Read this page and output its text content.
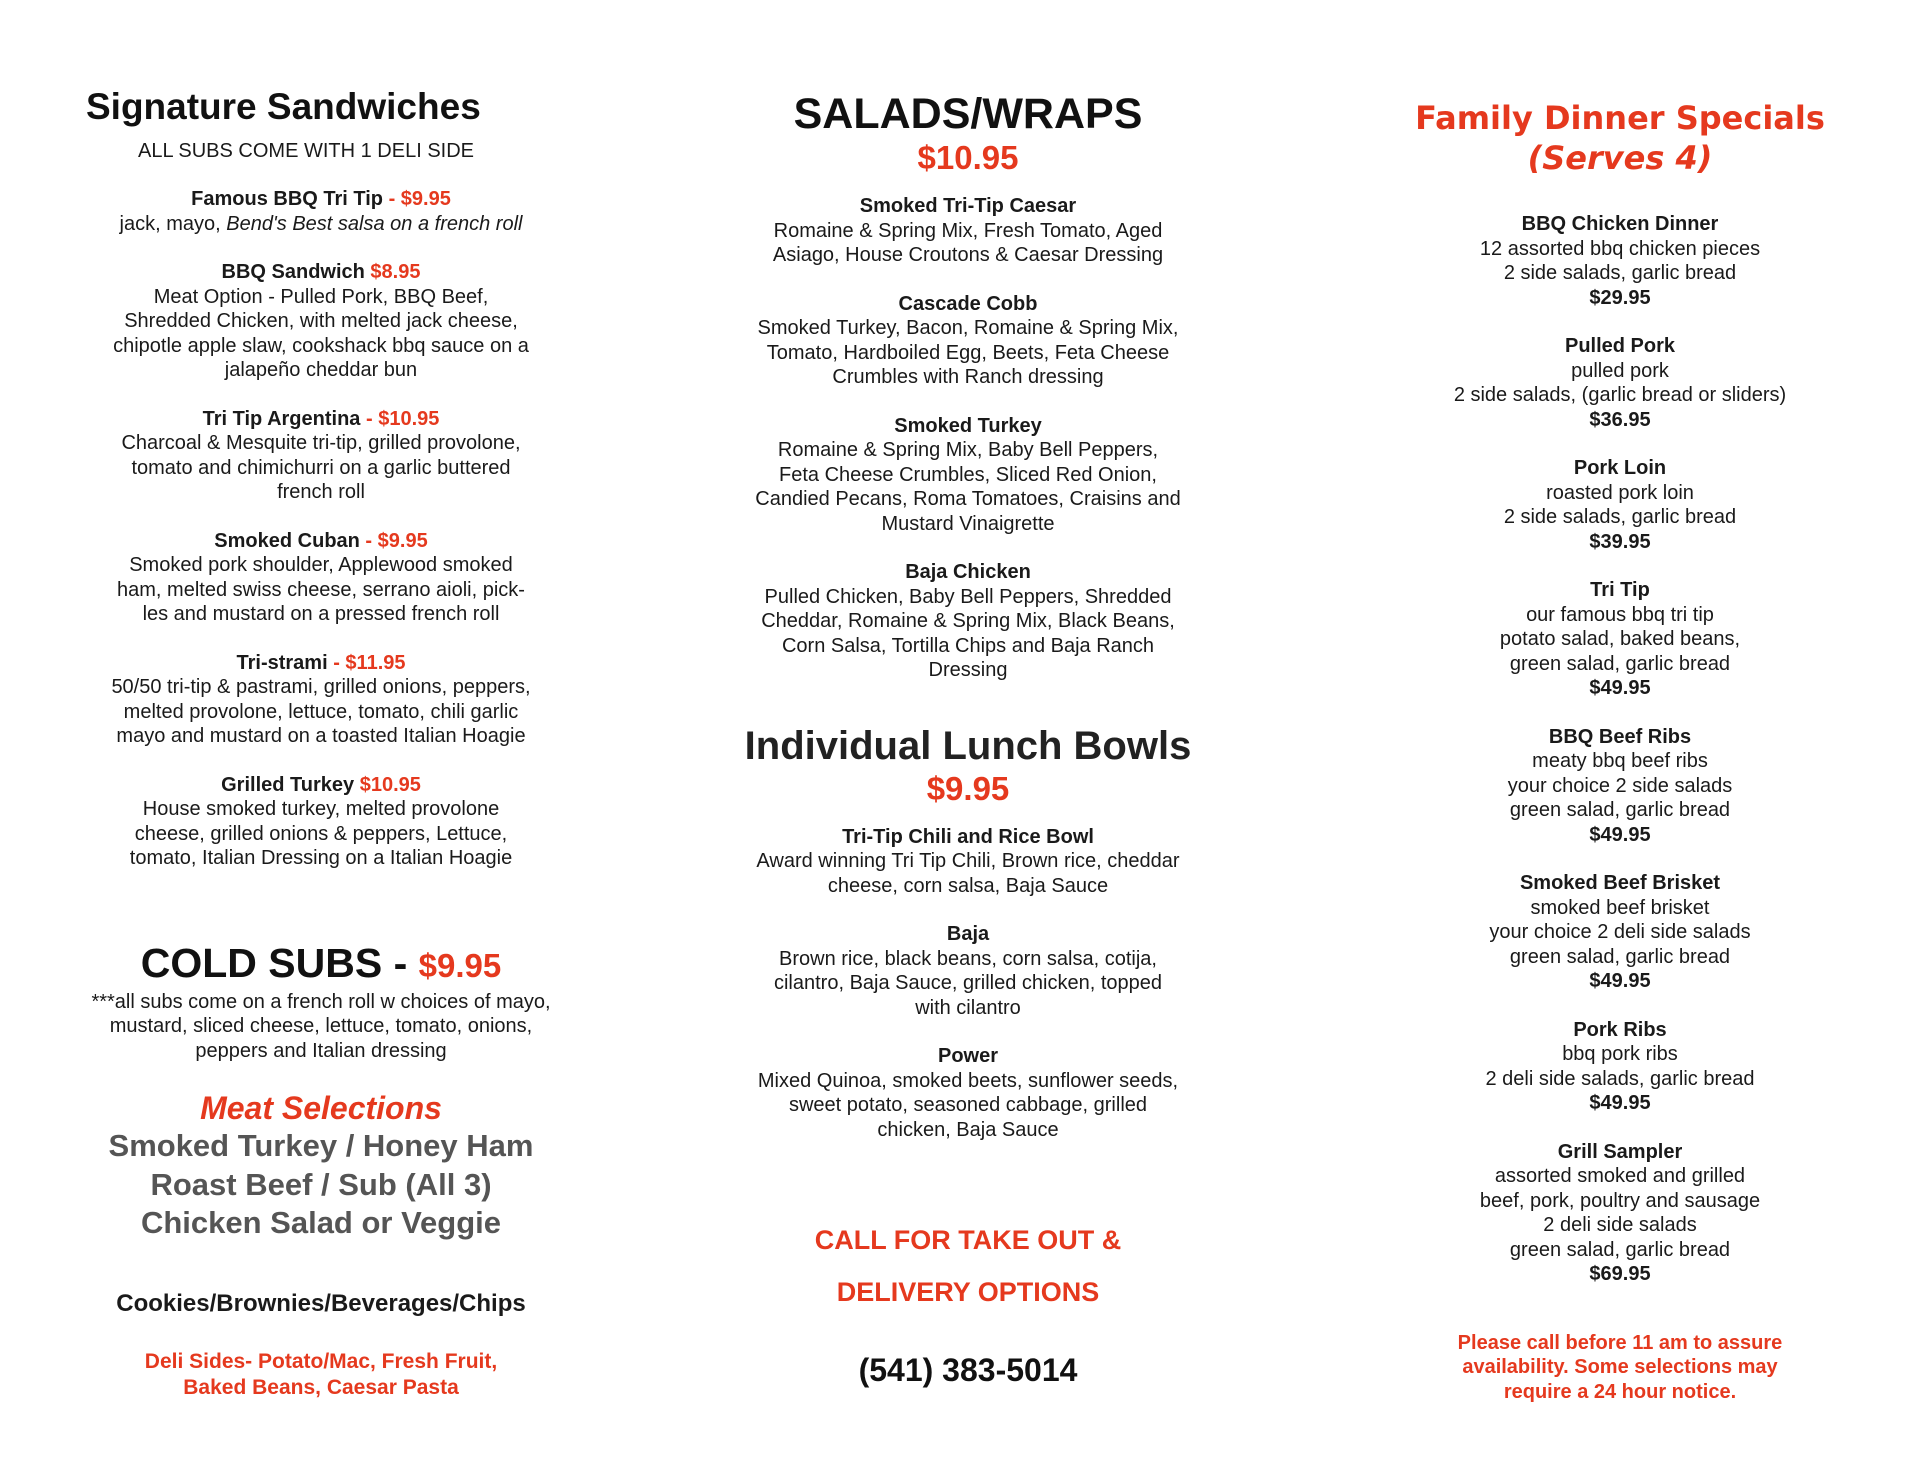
Signature Sandwiches
ALL SUBS COME WITH 1 DELI SIDE
Famous BBQ Tri Tip - $9.95
jack, mayo, Bend's Best salsa on a french roll
BBQ Sandwich $8.95
Meat Option - Pulled Pork, BBQ Beef,
Shredded Chicken, with melted jack cheese,
chipotle apple slaw, cookshack bbq sauce on a
jalapeño cheddar bun
Tri Tip Argentina - $10.95
Charcoal & Mesquite tri-tip, grilled provolone,
tomato and chimichurri on a garlic buttered
french roll
Smoked Cuban - $9.95
Smoked pork shoulder, Applewood smoked
ham, melted swiss cheese, serrano aioli, pick-
les and mustard on a pressed french roll
Tri-strami - $11.95
50/50 tri-tip & pastrami, grilled onions, peppers,
melted provolone, lettuce, tomato, chili garlic
mayo and mustard on a toasted Italian Hoagie
Grilled Turkey $10.95
House smoked turkey, melted provolone
cheese, grilled onions & peppers, Lettuce,
tomato, Italian Dressing on a Italian Hoagie
COLD SUBS - $9.95
***all subs come on a french roll w choices of mayo, mustard, sliced cheese, lettuce, tomato, onions, peppers and Italian dressing
Meat Selections
Smoked Turkey / Honey Ham
Roast Beef / Sub (All 3)
Chicken Salad or Veggie
Cookies/Brownies/Beverages/Chips
Deli Sides- Potato/Mac, Fresh Fruit,
Baked Beans, Caesar Pasta
SALADS/WRAPS
$10.95
Smoked Tri-Tip Caesar
Romaine & Spring Mix, Fresh Tomato, Aged
Asiago, House Croutons & Caesar Dressing
Cascade Cobb
Smoked Turkey, Bacon, Romaine & Spring Mix,
Tomato, Hardboiled Egg, Beets, Feta Cheese
Crumbles with Ranch dressing
Smoked Turkey
Romaine & Spring Mix, Baby Bell Peppers,
Feta Cheese Crumbles, Sliced Red Onion,
Candied Pecans, Roma Tomatoes, Craisins and
Mustard Vinaigrette
Baja Chicken
Pulled Chicken, Baby Bell Peppers, Shredded
Cheddar, Romaine & Spring Mix, Black Beans,
Corn Salsa, Tortilla Chips and Baja Ranch
Dressing
Individual Lunch Bowls
$9.95
Tri-Tip Chili and Rice Bowl
Award winning Tri Tip Chili, Brown rice, cheddar
cheese, corn salsa, Baja Sauce
Baja
Brown rice, black beans, corn salsa, cotija,
cilantro, Baja Sauce, grilled chicken, topped
with cilantro
Power
Mixed Quinoa, smoked beets, sunflower seeds,
sweet potato, seasoned cabbage, grilled
chicken, Baja Sauce
CALL FOR TAKE OUT &
DELIVERY OPTIONS
(541) 383-5014
Family Dinner Specials
(Serves 4)
BBQ Chicken Dinner
12 assorted bbq chicken pieces
2 side salads, garlic bread
$29.95
Pulled Pork
pulled pork
2 side salads, (garlic bread or sliders)
$36.95
Pork Loin
roasted pork loin
2 side salads, garlic bread
$39.95
Tri Tip
our famous bbq tri tip
potato salad, baked beans,
green salad, garlic bread
$49.95
BBQ Beef Ribs
meaty bbq beef ribs
your choice 2 side salads
green salad, garlic bread
$49.95
Smoked Beef Brisket
smoked beef brisket
your choice 2 deli side salads
green salad, garlic bread
$49.95
Pork Ribs
bbq pork ribs
2 deli side salads, garlic bread
$49.95
Grill Sampler
assorted smoked and grilled
beef, pork, poultry and sausage
2 deli side salads
green salad, garlic bread
$69.95
Please call before 11 am to assure
availability. Some selections may
require a 24 hour notice.
